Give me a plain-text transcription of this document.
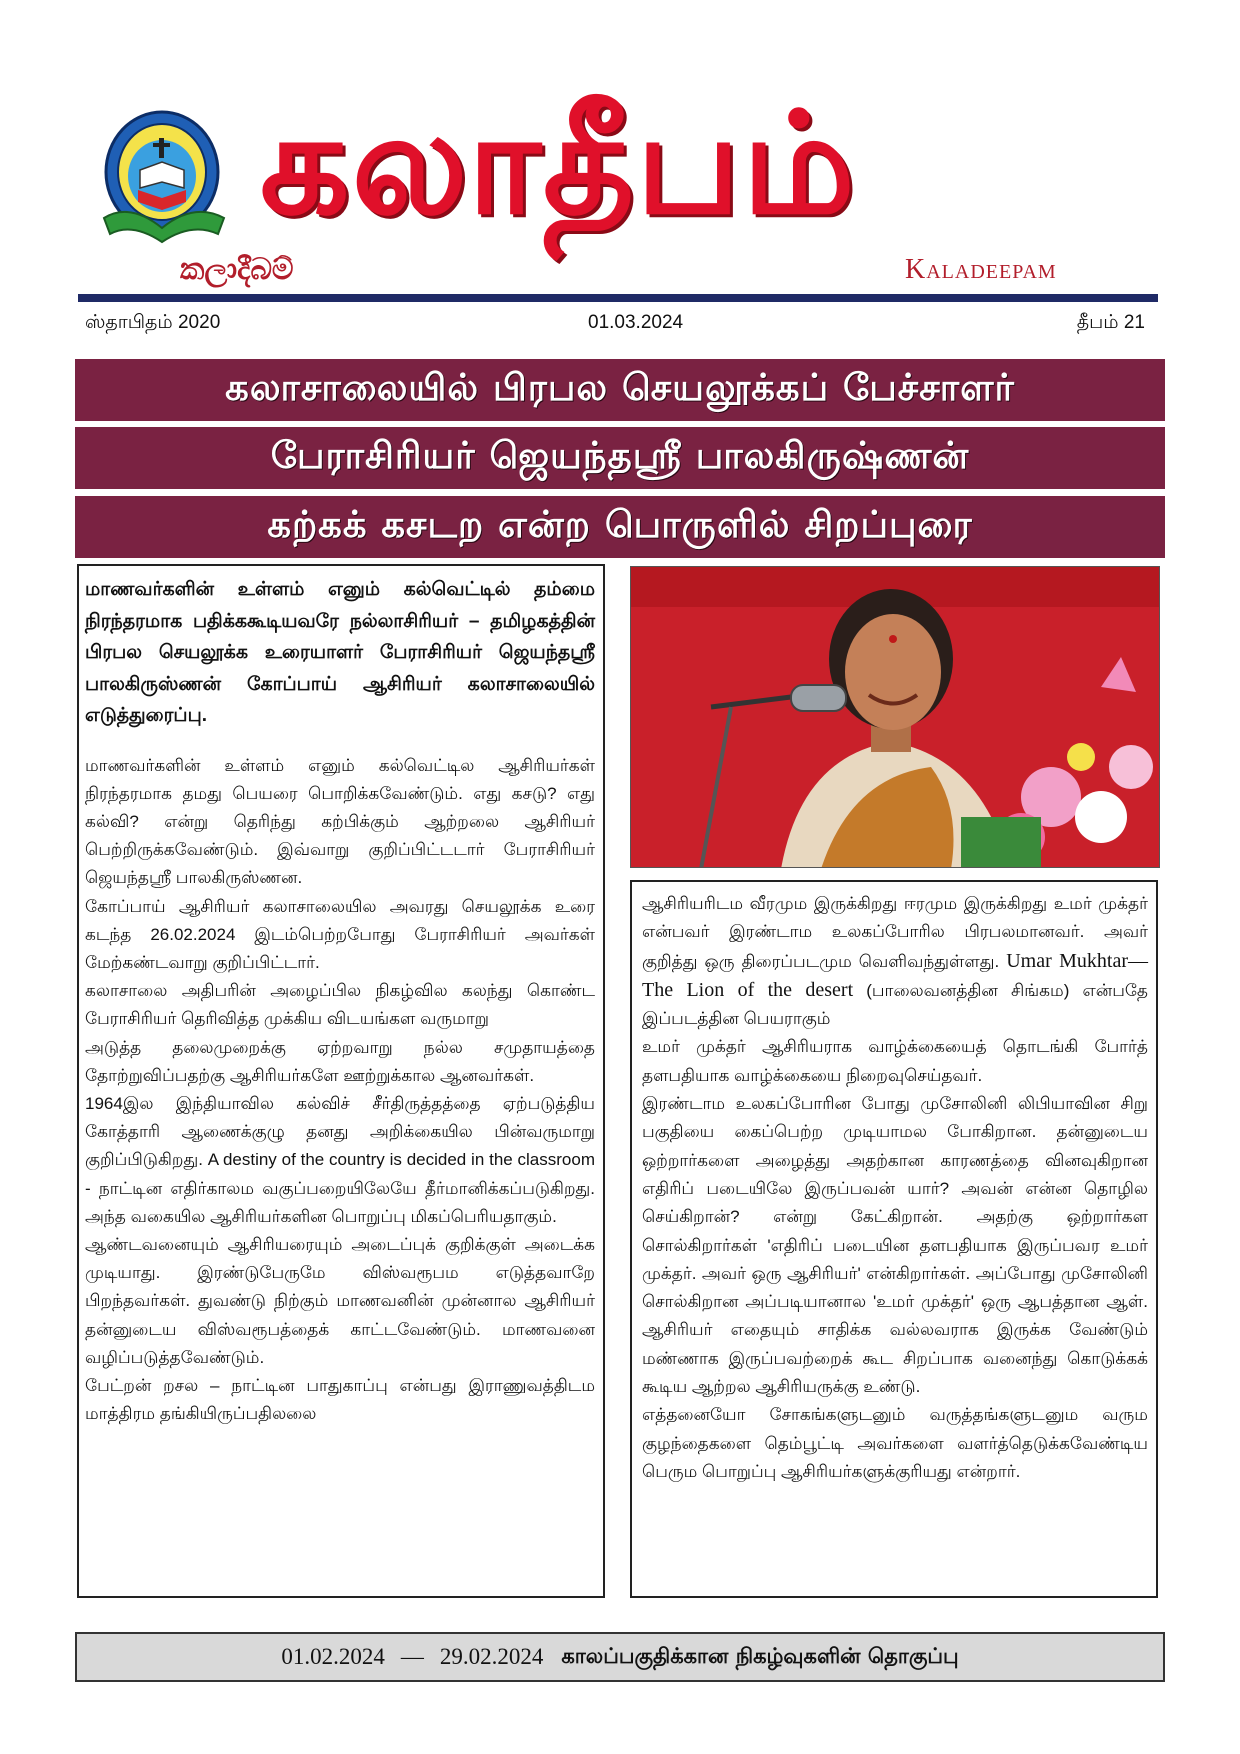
කලාදීබම්
கலாதீபம்
Kaladeepam
ஸ்தாபிதம் 2020	01.03.2024	தீபம் 21
கலாசாலையில் பிரபல செயலூக்கப் பேச்சாளர்
பேராசிரியர் ஜெயந்தஸ்ரீ பாலகிருஷ்ணன்
கற்கக் கசடற என்ற பொருளில் சிறப்புரை

மாணவர்களின் உள்ளம் எனும் கல்வெட்டில் தம்மை நிரந்தரமாக பதிக்ககூடியவரே நல்லாசிரியர் – தமிழகத்தின் பிரபல செயலூக்க உரையாளர் பேராசிரியர் ஜெயந்தஸ்ரீ பாலகிருஸ்ணன் கோப்பாய் ஆசிரியர் கலாசாலையில் எடுத்துரைப்பு.

மாணவர்களின் உள்ளம் எனும் கல்வெட்டில ஆசிரியர்கள் நிரந்தரமாக தமது பெயரை பொறிக்கவேண்டும். எது கசடு? எது கல்வி? என்று தெரிந்து கற்பிக்கும் ஆற்றலை ஆசிரியர் பெற்றிருக்கவேண்டும். இவ்வாறு குறிப்பிட்டடார் பேராசிரியர் ஜெயந்தஸ்ரீ பாலகிருஸ்ணன.

கோப்பாய் ஆசிரியர் கலாசாலையில அவரது செயலூக்க உரை கடந்த 26.02.2024 இடம்பெற்றபோது பேராசிரியர் அவர்கள் மேற்கண்டவாறு குறிப்பிட்டார்.

கலாசாலை அதிபரின் அழைப்பில நிகழ்வில கலந்து கொண்ட பேராசிரியர் தெரிவித்த முக்கிய விடயங்கள வருமாறு

அடுத்த தலைமுறைக்கு ஏற்றவாறு நல்ல சமுதாயத்தை தோற்றுவிப்பதற்கு ஆசிரியர்களே ஊற்றுக்கால ஆனவர்கள்.

1964இல இந்தியாவில கல்விச் சீர்திருத்தத்தை ஏற்படுத்திய கோத்தாரி ஆணைக்குழு தனது அறிக்கையில பின்வருமாறு குறிப்பிடுகிறது. A destiny of the country is decided in the classroom - நாட்டின எதிர்காலம வகுப்பறையிலேயே தீர்மானிக்கப்படுகிறது. அந்த வகையில ஆசிரியர்களின பொறுப்பு மிகப்பெரியதாகும்.

ஆண்டவனையும் ஆசிரியரையும் அடைப்புக் குறிக்குள் அடைக்க முடியாது. இரண்டுபேருமே விஸ்வரூபம எடுத்தவாறே பிறந்தவர்கள். துவண்டு நிற்கும் மாணவனின் முன்னால ஆசிரியர் தன்னுடைய விஸ்வரூபத்தைக் காட்டவேண்டும். மாணவனை வழிப்படுத்தவேண்டும்.

பேட்றன் றசல – நாட்டின பாதுகாப்பு என்பது இராணுவத்திடம மாத்திரம தங்கியிருப்பதிலலை

ஆசிரியரிடம வீரமும இருக்கிறது ஈரமும இருக்கிறது உமர் முக்தர் என்பவர் இரண்டாம உலகப்போரில பிரபலமானவர். அவர் குறித்து ஒரு திரைப்படமும வெளிவந்துள்ளது. Umar Mukhtar—The Lion of the desert (பாலைவனத்தின சிங்கம) என்பதே இப்படத்தின பெயராகும்

உமர் முக்தர் ஆசிரியராக வாழ்க்கையைத் தொடங்கி போர்த் தளபதியாக வாழ்க்கையை நிறைவுசெய்தவர்.

இரண்டாம உலகப்போரின போது முசோலினி லிபியாவின சிறு பகுதியை கைப்பெற்ற முடியாமல போகிறான. தன்னுடைய ஒற்றார்களை அழைத்து அதற்கான காரணத்தை வினவுகிறான எதிரிப் படையிலே இருப்பவன் யார்? அவன் என்ன தொழில செய்கிறான்? என்று கேட்கிறான். அதற்கு ஒற்றார்கள சொல்கிறார்கள் 'எதிரிப் படையின தளபதியாக இருப்பவர உமர் முக்தர். அவர் ஒரு ஆசிரியர்' என்கிறார்கள். அப்போது முசோலினி சொல்கிறான அப்படியானால 'உமர் முக்தர்' ஒரு ஆபத்தான ஆள். ஆசிரியர் எதையும் சாதிக்க வல்லவராக இருக்க வேண்டும் மண்ணாக இருப்பவற்றைக் கூட சிறப்பாக வனைந்து கொடுக்கக் கூடிய ஆற்றல ஆசிரியருக்கு உண்டு.

எத்தனையோ சோகங்களுடனும் வருத்தங்களுடனும வரும குழந்தைகளை தெம்பூட்டி அவர்களை வளர்த்தெடுக்கவேண்டிய பெரும பொறுப்பு ஆசிரியர்களுக்குரியது என்றார்.

01.02.2024 — 29.02.2024 காலப்பகுதிக்கான நிகழ்வுகளின் தொகுப்பு
